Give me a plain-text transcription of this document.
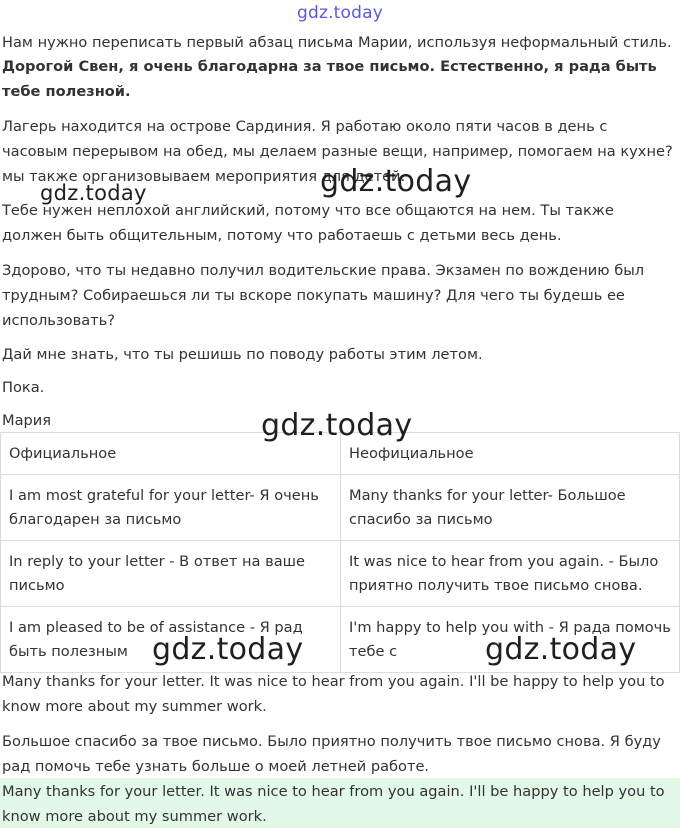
gdz.today

Нам нужно переписать первый абзац письма Марии, используя неформальный стиль.

Дорогой Свен, я очень благодарна за твое письмо. Естественно, я рада быть тебе полезной.

Лагерь находится на острове Сардиния. Я работаю около пяти часов в день с часовым перерывом на обед, мы делаем разные вещи, например, помогаем на кухне? мы также организовываем мероприятия для детей.

Тебе нужен неплохой английский, потому что все общаются на нем. Ты также должен быть общительным, потому что работаешь с детьми весь день.

Здорово, что ты недавно получил водительские права. Экзамен по вождению был трудным? Собираешься ли ты вскоре покупать машину? Для чего ты будешь ее использовать?

Дай мне знать, что ты решишь по поводу работы этим летом.

Пока.

Мария

Официальное	Неофициальное
I am most grateful for your letter- Я очень благодарен за письмо	Many thanks for your letter- Большое спасибо за письмо
In reply to your letter - В ответ на ваше письмо	It was nice to hear from you again. - Было приятно получить твое письмо снова.
I am pleased to be of assistance - Я рад быть полезным	I'm happy to help you with - Я рада помочь тебе с

Many thanks for your letter. It was nice to hear from you again. I'll be happy to help you to know more about my summer work.

Большое спасибо за твое письмо. Было приятно получить твое письмо снова. Я буду рад помочь тебе узнать больше о моей летней работе.

Many thanks for your letter. It was nice to hear from you again. I'll be happy to help you to know more about my summer work.

gdz.today
gdz.today
gdz.today
gdz.today	gdz.today
